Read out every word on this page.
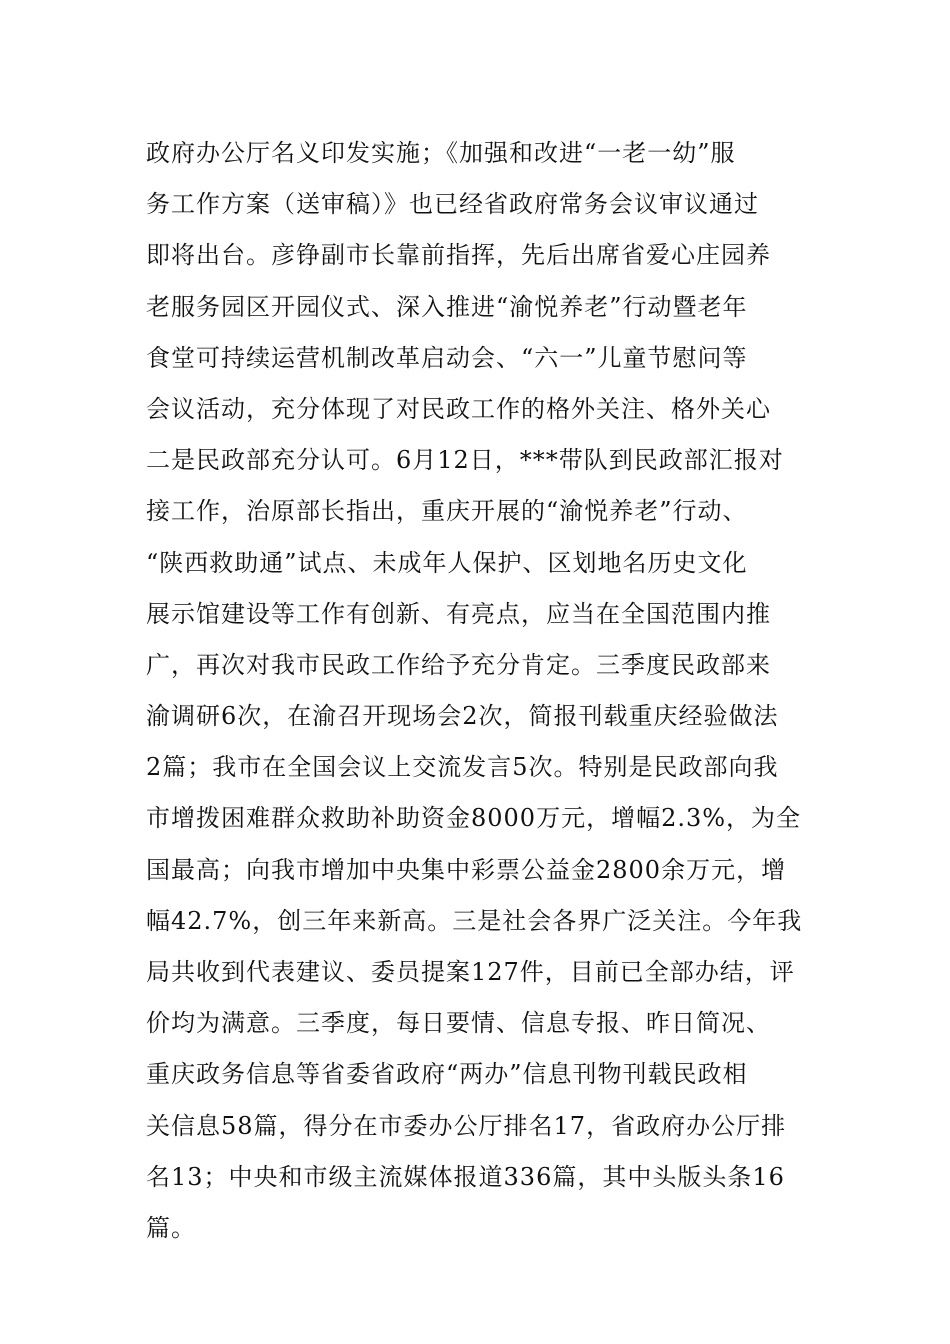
政府办公厅名义印发实施；《加强和改进“一老一幼”服
务工作方案（送审稿）》也已经省政府常务会议审议通过
即将出台。彦铮副市长靠前指挥，先后出席省爱心庄园养
老服务园区开园仪式、深入推进“渝悦养老”行动暨老年
食堂可持续运营机制改革启动会、“六一”儿童节慰问等
会议活动，充分体现了对民政工作的格外关注、格外关心
二是民政部充分认可。6月12日，***带队到民政部汇报对
接工作，治原部长指出，重庆开展的“渝悦养老”行动、
“陕西救助通”试点、未成年人保护、区划地名历史文化
展示馆建设等工作有创新、有亮点，应当在全国范围内推
广，再次对我市民政工作给予充分肯定。三季度民政部来
渝调研6次，在渝召开现场会2次，简报刊载重庆经验做法
2篇；我市在全国会议上交流发言5次。特别是民政部向我
市增拨困难群众救助补助资金8000万元，增幅2.3%，为全
国最高；向我市增加中央集中彩票公益金2800余万元，增
幅42.7%，创三年来新高。三是社会各界广泛关注。今年我
局共收到代表建议、委员提案127件，目前已全部办结，评
价均为满意。三季度，每日要情、信息专报、昨日简况、
重庆政务信息等省委省政府“两办”信息刊物刊载民政相
关信息58篇，得分在市委办公厅排名17，省政府办公厅排
名13；中央和市级主流媒体报道336篇，其中头版头条16
篇。
